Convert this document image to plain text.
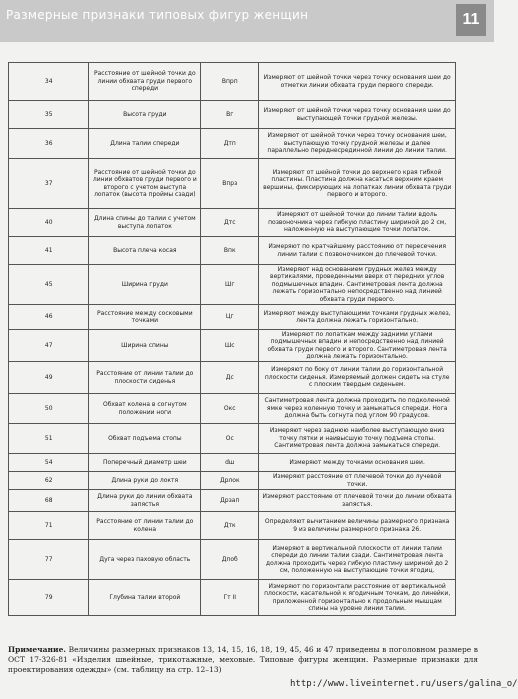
Размерные признаки типовых фигур женщин	11
34	Расстояние от шейной точки до линии обхвата груди первого спереди	Впрп	Измеряют от шейной точки через точку основания шеи до отметки линии обхвата груди первого спереди.
35	Высота груди	Вг	Измеряют от шейной точки через точку основания шеи до выступающей точки грудной железы.
36	Длина талии спереди	Дтп	Измеряют от шейной точки через точку основания шеи, выступающую точку грудной железы и далее параллельно переднесрединной линии до линии талии.
37	Расстояние от шейной точки до линии обхватов груди первого и второго с учетом выступа лопаток (высота проймы сзади)	Впрз	Измеряют от шейной точки до верхнего края гибкой пластины. Пластина должна касаться верхним краем вершины, фиксирующих на лопатках линии обхвата груди первого и второго.
40	Длина спины до талии с учетом выступа лопаток	Дтс	Измеряют от шейной точки до линии талии вдоль позвоночника через гибкую пластину шириной до 2 см, наложенную на выступающие точки лопаток.
41	Высота плеча косая	Впк	Измеряют по кратчайшему расстоянию от пересечения линии талии с позвоночником до плечевой точки.
45	Ширина груди	Шг	Измеряют над основанием грудных желез между вертикалями, проведенными вверх от передних углов подмышечных впадин. Сантиметровая лента должна лежать горизонтально непосредственно над линией обхвата груди первого.
46	Расстояние между сосковыми точками	Цг	Измеряют между выступающими точками грудных желез, лента должна лежать горизонтально.
47	Ширина спины	Шс	Измеряют по лопаткам между задними углами подмышечных впадин и непосредственно над линией обхвата груди первого и второго. Сантиметровая лента должна лежать горизонтально.
49	Расстояние от линии талии до плоскости сиденья	Дс	Измеряют по боку от линии талии до горизонтальной плоскости сиденья. Измеряемый должен сидеть на стуле с плоским твердым сиденьем.
50	Обхват колена в согнутом положении ноги	Окс	Сантиметровая лента должна проходить по подколенной ямке через коленную точку и замыкаться спереди. Нога должна быть согнута под углом 90 градусов.
51	Обхват подъема стопы	Ос	Измеряют через заднюю наиболее выступающую вниз точку пятки и наивысшую точку подъема стопы. Сантиметровая лента должна замыкаться спереди.
54	Поперечный диаметр шеи	dш	Измеряют между точками основания шеи.
62	Длина руки до локтя	Дрлок	Измеряют расстояние от плечевой точки до лучевой точки.
68	Длина руки до линии обхвата запястья	Дрзап	Измеряют расстояние от плечевой точки до линии обхвата запястья.
71	Расстояние от линии талии до колена	Дтк	Определяют вычитанием величины размерного признака 9 из величины размерного признака 26.
77	Дуга через паховую область	Дпоб	Измеряют в вертикальной плоскости от линии талии спереди до линии талии сзади. Сантиметровая лента должна проходить через гибкую пластину шириной до 2 см, положенную на выступающие точки ягодиц.
79	Глубина талии второй	Гт II	Измеряют по горизонтали расстояние от вертикальной плоскости, касательной к ягодичным точкам, до линейки, приложенной горизонтально к продольным мышцам спины на уровне линии талии.
Примечание. Величины размерных признаков 13, 14, 15, 16, 18, 19, 45, 46 и 47 приведены в поголовном размере в ОСТ 17-326-81 «Изделия швейные, трикотажные, меховые. Типовые фигуры женщин. Размерные признаки для проектирования одежды» (см. таблицу на стр. 12–13)
http://www.liveinternet.ru/users/galina_o/
